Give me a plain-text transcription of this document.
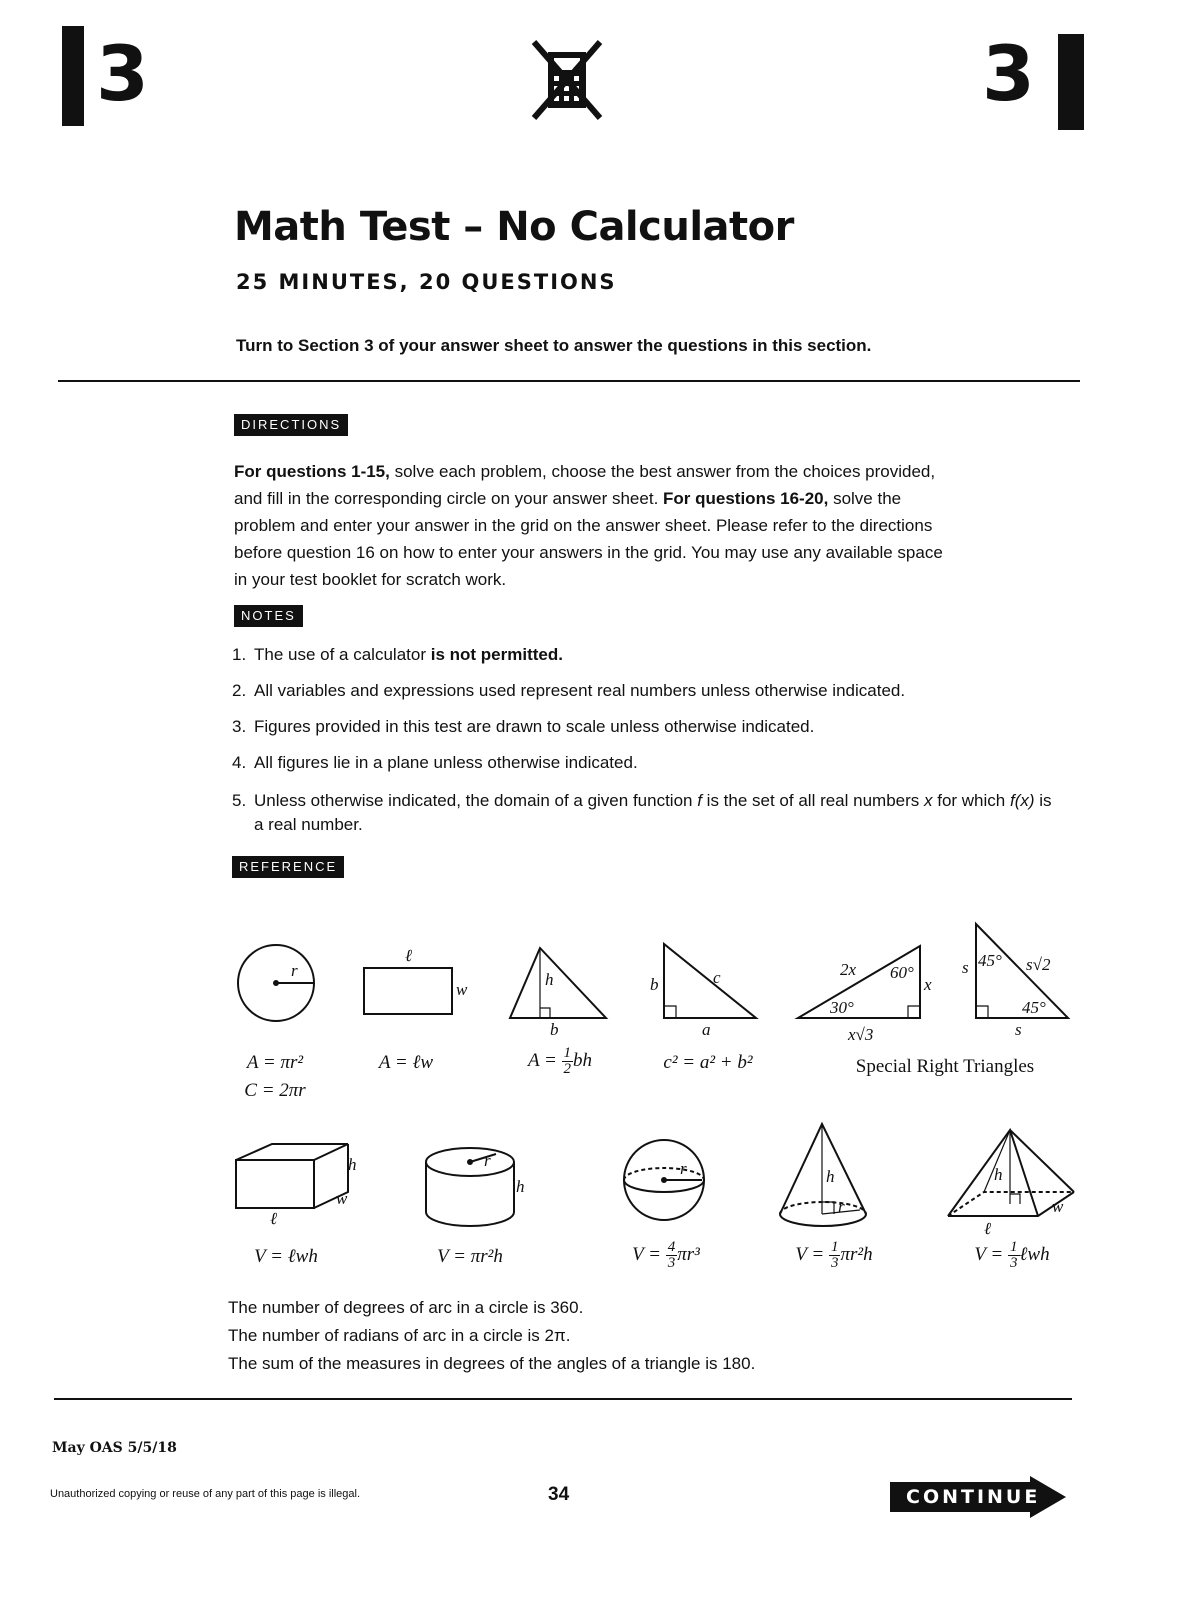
3	3
Math Test – No Calculator
25 MINUTES, 20 QUESTIONS
Turn to Section 3 of your answer sheet to answer the questions in this section.
DIRECTIONS
For questions 1-15, solve each problem, choose the best answer from the choices provided, and fill in the corresponding circle on your answer sheet. For questions 16-20, solve the problem and enter your answer in the grid on the answer sheet. Please refer to the directions before question 16 on how to enter your answers in the grid. You may use any available space in your test booklet for scratch work.
NOTES
1. The use of a calculator is not permitted.
2. All variables and expressions used represent real numbers unless otherwise indicated.
3. Figures provided in this test are drawn to scale unless otherwise indicated.
4. All figures lie in a plane unless otherwise indicated.
5. Unless otherwise indicated, the domain of a given function f is the set of all real numbers x for which f(x) is a real number.
REFERENCE
r
ℓ
w
h
b
b	c
a
2x 60°
x
30°
x√3
s 45° s√2
45°
s
h
w
ℓ
r
h
r	h
r
h
ℓ
w
A = πr²
C = 2πr
A = ℓw	$A = \frac{1}{2}$ bh	c² = a² + b²	Special Right Triangles
V = ℓwh	V = πr²h	$V = \frac{4}{3} \pi r^3$	$V = \frac{1}{3} \pi r^2h$	$V = \frac{1}{3}$ ℓwh
The number of degrees of arc in a circle is 360.
The number of radians of arc in a circle is 2π.
The sum of the measures in degrees of the angles of a triangle is 180.
May OAS 5/5/18
Unauthorized copying or reuse of any part of this page is illegal.	34	CONTINUE
